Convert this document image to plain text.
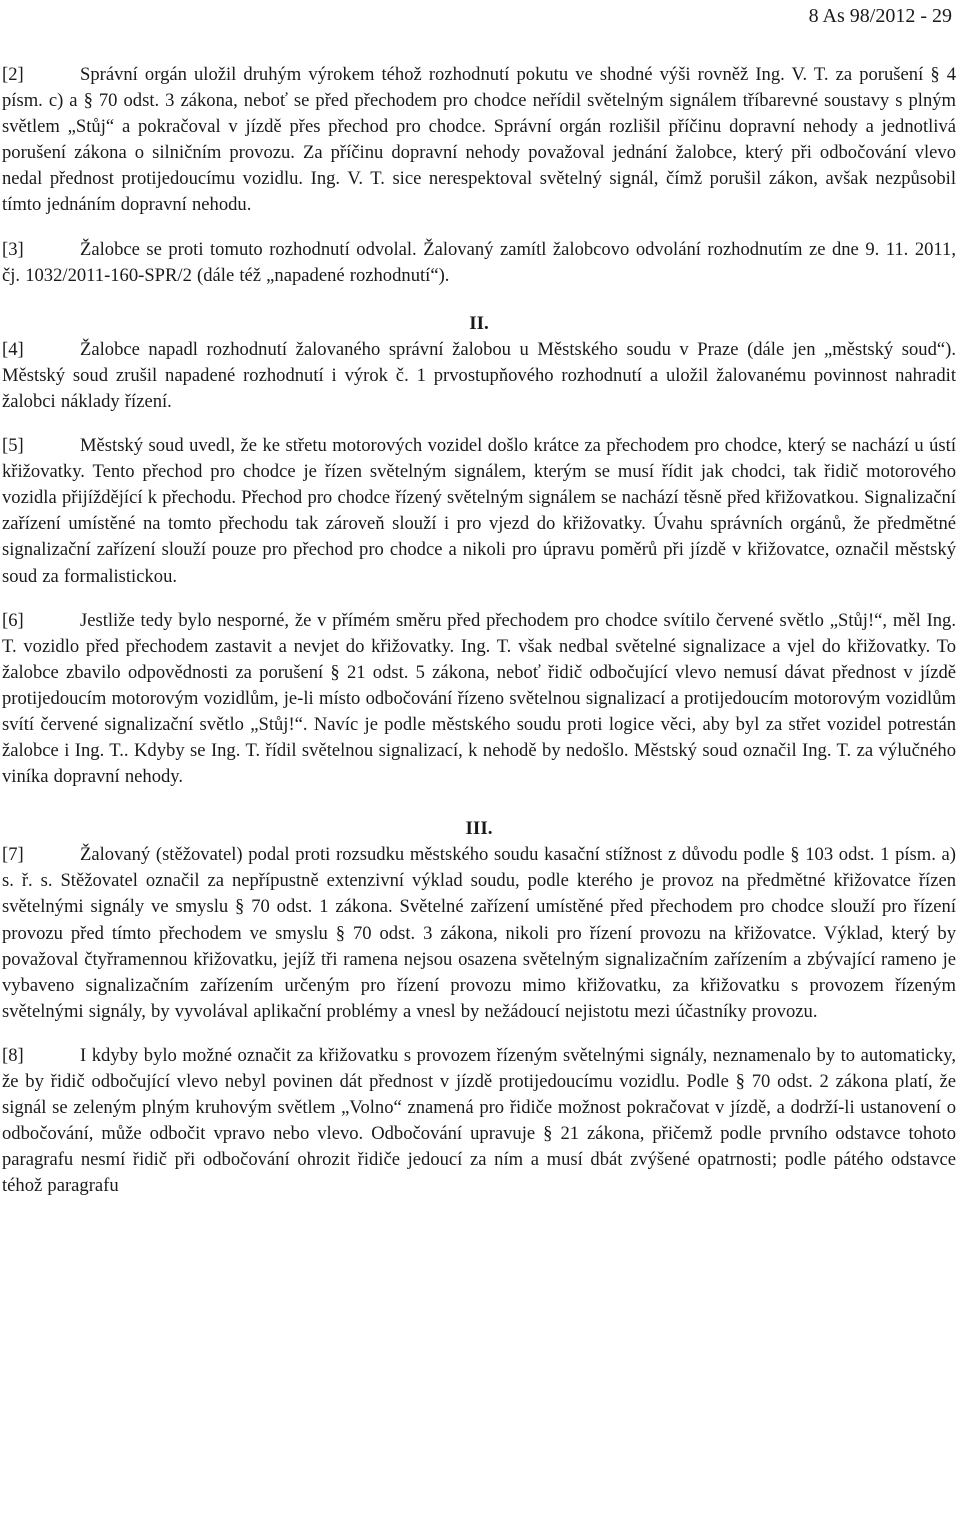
8 As 98/2012 - 29

[2]	Správní orgán uložil druhým výrokem téhož rozhodnutí pokutu ve shodné výši rovněž Ing. V. T. za porušení § 4 písm. c) a § 70 odst. 3 zákona, neboť se před přechodem pro chodce neřídil světelným signálem tříbarevné soustavy s plným světlem „Stůj“ a pokračoval v jízdě přes přechod pro chodce. Správní orgán rozlišil příčinu dopravní nehody a jednotlivá porušení zákona o silničním provozu. Za příčinu dopravní nehody považoval jednání žalobce, který při odbočování vlevo nedal přednost protijedoucímu vozidlu. Ing. V. T. sice nerespektoval světelný signál, čímž porušil zákon, avšak nezpůsobil tímto jednáním dopravní nehodu.

[3]	Žalobce se proti tomuto rozhodnutí odvolal. Žalovaný zamítl žalobcovo odvolání rozhodnutím ze dne 9. 11. 2011, čj. 1032/2011-160-SPR/2 (dále též „napadené rozhodnutí“).

II.

[4]	Žalobce napadl rozhodnutí žalovaného správní žalobou u Městského soudu v Praze (dále jen „městský soud“). Městský soud zrušil napadené rozhodnutí i výrok č. 1 prvostupňového rozhodnutí a uložil žalovanému povinnost nahradit žalobci náklady řízení.

[5]	Městský soud uvedl, že ke střetu motorových vozidel došlo krátce za přechodem pro chodce, který se nachází u ústí křižovatky. Tento přechod pro chodce je řízen světelným signálem, kterým se musí řídit jak chodci, tak řidič motorového vozidla přijíždějící k přechodu. Přechod pro chodce řízený světelným signálem se nachází těsně před křižovatkou. Signalizační zařízení umístěné na tomto přechodu tak zároveň slouží i pro vjezd do křižovatky. Úvahu správních orgánů, že předmětné signalizační zařízení slouží pouze pro přechod pro chodce a nikoli pro úpravu poměrů při jízdě v křižovatce, označil městský soud za formalistickou.

[6]	Jestliže tedy bylo nesporné, že v přímém směru před přechodem pro chodce svítilo červené světlo „Stůj!“, měl Ing. T. vozidlo před přechodem zastavit a nevjet do křižovatky. Ing. T. však nedbal světelné signalizace a vjel do křižovatky. To žalobce zbavilo odpovědnosti za porušení § 21 odst. 5 zákona, neboť řidič odbočující vlevo nemusí dávat přednost v jízdě protijedoucím motorovým vozidlům, je-li místo odbočování řízeno světelnou signalizací a protijedoucím motorovým vozidlům svítí červené signalizační světlo „Stůj!“. Navíc je podle městského soudu proti logice věci, aby byl za střet vozidel potrestán žalobce i Ing. T.. Kdyby se Ing. T. řídil světelnou signalizací, k nehodě by nedošlo. Městský soud označil Ing. T. za výlučného viníka dopravní nehody.

III.

[7]	Žalovaný (stěžovatel) podal proti rozsudku městského soudu kasační stížnost z důvodu podle § 103 odst. 1 písm. a) s. ř. s. Stěžovatel označil za nepřípustně extenzivní výklad soudu, podle kterého je provoz na předmětné křižovatce řízen světelnými signály ve smyslu § 70 odst. 1 zákona. Světelné zařízení umístěné před přechodem pro chodce slouží pro řízení provozu před tímto přechodem ve smyslu § 70 odst. 3 zákona, nikoli pro řízení provozu na křižovatce. Výklad, který by považoval čtyřramennou křižovatku, jejíž tři ramena nejsou osazena světelným signalizačním zařízením a zbývající rameno je vybaveno signalizačním zařízením určeným pro řízení provozu mimo křižovatku, za křižovatku s provozem řízeným světelnými signály, by vyvolával aplikační problémy a vnesl by nežádoucí nejistotu mezi účastníky provozu.

[8]	I kdyby bylo možné označit za křižovatku s provozem řízeným světelnými signály, neznamenalo by to automaticky, že by řidič odbočující vlevo nebyl povinen dát přednost v jízdě protijedoucímu vozidlu. Podle § 70 odst. 2 zákona platí, že signál se zeleným plným kruhovým světlem „Volno“ znamená pro řidiče možnost pokračovat v jízdě, a dodrží-li ustanovení o odbočování, může odbočit vpravo nebo vlevo. Odbočování upravuje § 21 zákona, přičemž podle prvního odstavce tohoto paragrafu nesmí řidič při odbočování ohrozit řidiče jedoucí za ním a musí dbát zvýšené opatrnosti; podle pátého odstavce téhož paragrafu
